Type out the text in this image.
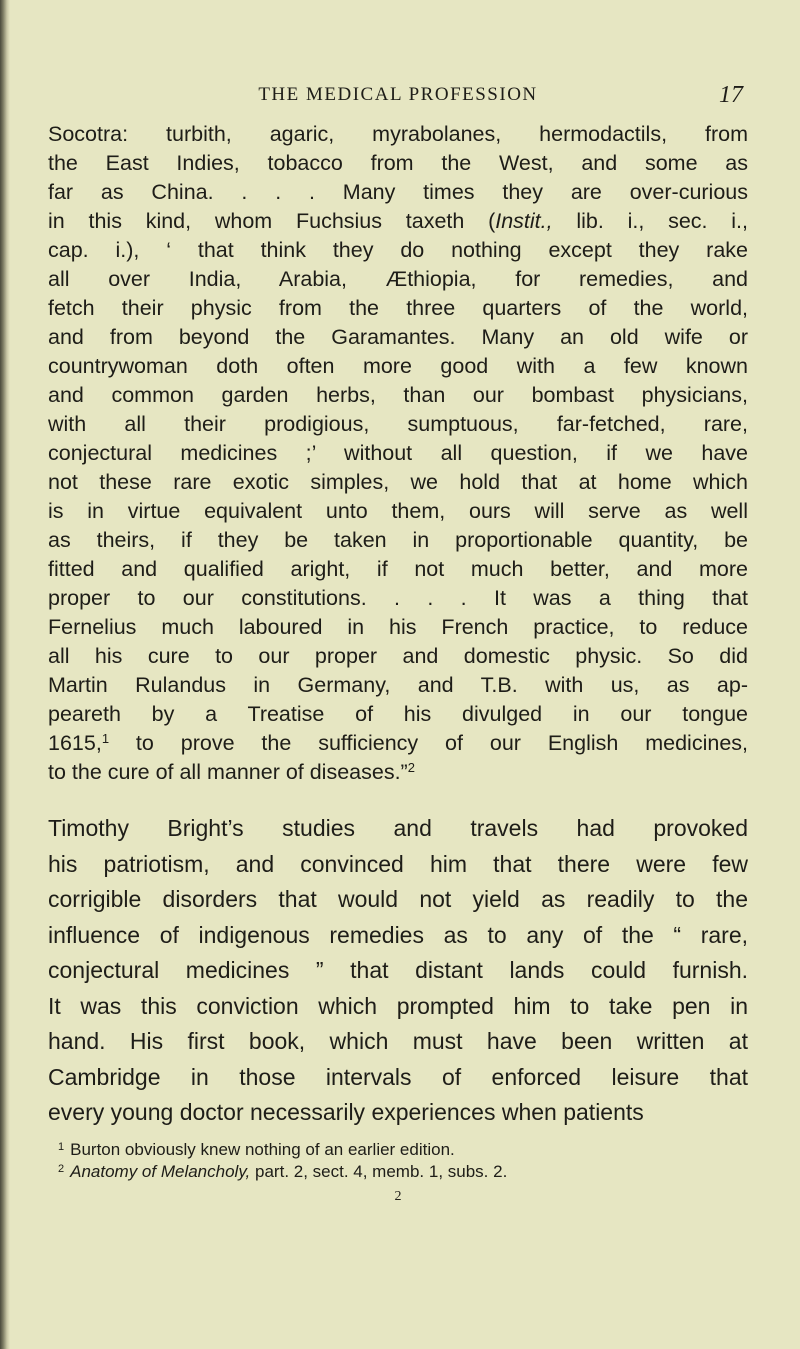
THE MEDICAL PROFESSION	17
Socotra: turbith, agaric, myrabolanes, hermodactils, from
the East Indies, tobacco from the West, and some as
far as China. . . . Many times they are over-curious
in this kind, whom Fuchsius taxeth (Instit., lib. i., sec. i.,
cap. i.), ‘ that think they do nothing except they rake
all over India, Arabia, Æthiopia, for remedies, and
fetch their physic from the three quarters of the world,
and from beyond the Garamantes. Many an old wife or
countrywoman doth often more good with a few known
and common garden herbs, than our bombast physicians,
with all their prodigious, sumptuous, far-fetched, rare,
conjectural medicines ;’ without all question, if we have
not these rare exotic simples, we hold that at home which
is in virtue equivalent unto them, ours will serve as well
as theirs, if they be taken in proportionable quantity, be
fitted and qualified aright, if not much better, and more
proper to our constitutions. . . . It was a thing that
Fernelius much laboured in his French practice, to reduce
all his cure to our proper and domestic physic. So did
Martin Rulandus in Germany, and T.B. with us, as ap-
peareth by a Treatise of his divulged in our tongue
1615,$^1$ to prove the sufficiency of our English medicines,
to the cure of all manner of diseases.”$^2$
Timothy Bright’s studies and travels had provoked
his patriotism, and convinced him that there were few
corrigible disorders that would not yield as readily to the
influence of indigenous remedies as to any of the “ rare,
conjectural medicines ” that distant lands could furnish.
It was this conviction which prompted him to take pen in
hand. His first book, which must have been written at
Cambridge in those intervals of enforced leisure that
every young doctor necessarily experiences when patients
$^1$ Burton obviously knew nothing of an earlier edition.
$^2$ Anatomy of Melancholy, part. 2, sect. 4, memb. 1, subs. 2.
2
